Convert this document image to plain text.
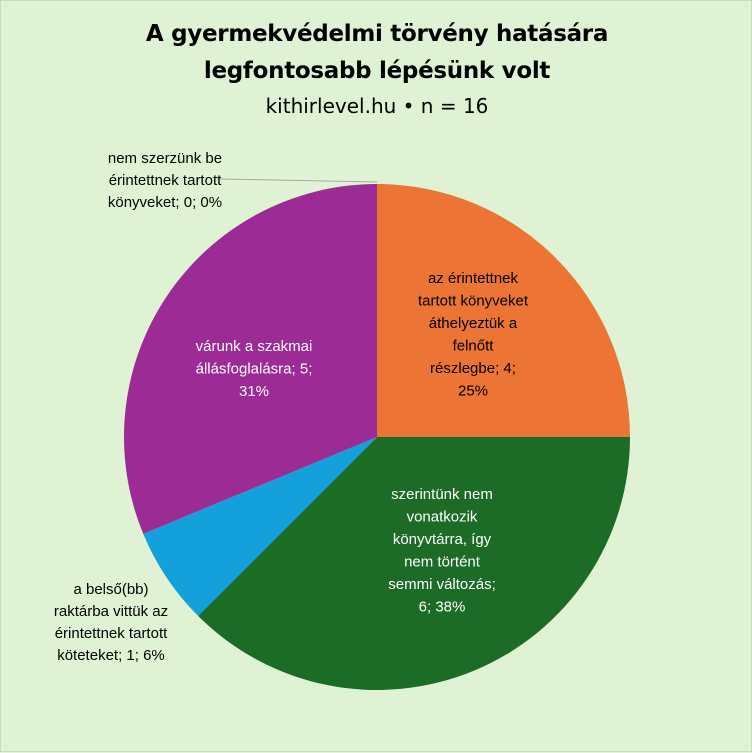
A gyermekvédelmi törvény hatására
legfontosabb lépésünk volt
kithirlevel.hu • n = 16
nem szerzünk be érintettnek tartott könyveket; 0; 0%
az érintettnek tartott könyveket áthelyeztük a felnőtt részlegbe; 4; 25%
szerintünk nem vonatkozik könyvtárra, így nem történt semmi változás; 6; 38%
a belső(bb) raktárba vittük az érintettnek tartott köteteket; 1; 6%
várunk a szakmai állásfoglalásra; 5; 31%
